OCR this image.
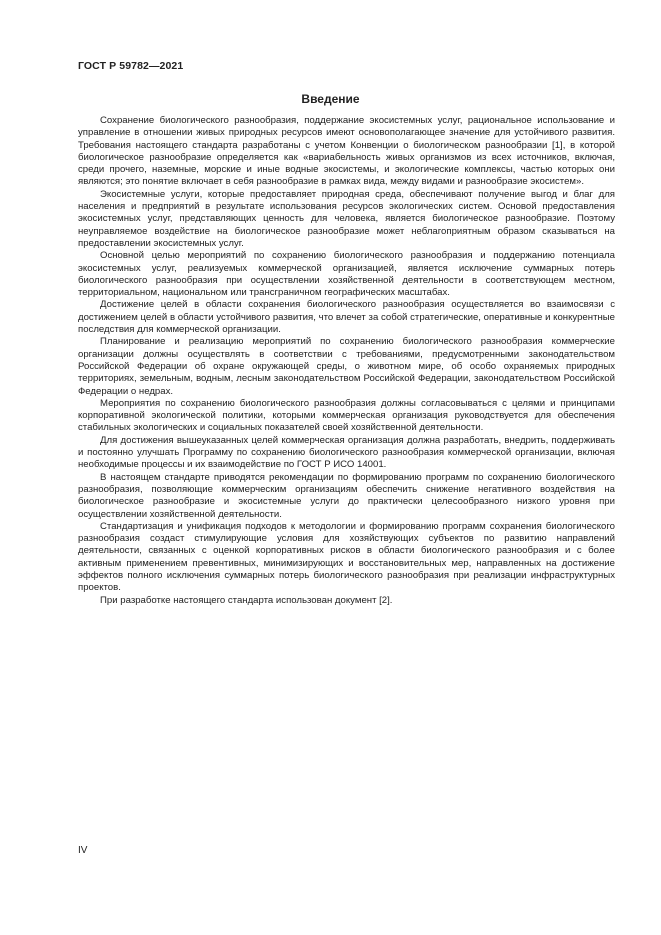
ГОСТ Р 59782—2021
Введение

Сохранение биологического разнообразия, поддержание экосистемных услуг, рациональное использование и управление в отношении живых природных ресурсов имеют основополагающее значение для устойчивого развития. Требования настоящего стандарта разработаны с учетом Конвенции о биологическом разнообразии [1], в которой биологическое разнообразие определяется как «вариабельность живых организмов из всех источников, включая, среди прочего, наземные, морские и иные водные экосистемы, и экологические комплексы, частью которых они являются; это понятие включает в себя разнообразие в рамках вида, между видами и разнообразие экосистем».

Экосистемные услуги, которые предоставляет природная среда, обеспечивают получение выгод и благ для населения и предприятий в результате использования ресурсов экологических систем. Основой предоставления экосистемных услуг, представляющих ценность для человека, является биологическое разнообразие. Поэтому неуправляемое воздействие на биологическое разнообразие может неблагоприятным образом сказываться на предоставлении экосистемных услуг.

Основной целью мероприятий по сохранению биологического разнообразия и поддержанию потенциала экосистемных услуг, реализуемых коммерческой организацией, является исключение суммарных потерь биологического разнообразия при осуществлении хозяйственной деятельности в соответствующем местном, территориальном, национальном или трансграничном географических масштабах.

Достижение целей в области сохранения биологического разнообразия осуществляется во взаимосвязи с достижением целей в области устойчивого развития, что влечет за собой стратегические, оперативные и конкурентные последствия для коммерческой организации.

Планирование и реализацию мероприятий по сохранению биологического разнообразия коммерческие организации должны осуществлять в соответствии с требованиями, предусмотренными законодательством Российской Федерации об охране окружающей среды, о животном мире, об особо охраняемых природных территориях, земельным, водным, лесным законодательством Российской Федерации, законодательством Российской Федерации о недрах.

Мероприятия по сохранению биологического разнообразия должны согласовываться с целями и принципами корпоративной экологической политики, которыми коммерческая организация руководствуется для обеспечения стабильных экологических и социальных показателей своей хозяйственной деятельности.

Для достижения вышеуказанных целей коммерческая организация должна разработать, внедрить, поддерживать и постоянно улучшать Программу по сохранению биологического разнообразия коммерческой организации, включая необходимые процессы и их взаимодействие по ГОСТ Р ИСО 14001.

В настоящем стандарте приводятся рекомендации по формированию программ по сохранению биологического разнообразия, позволяющие коммерческим организациям обеспечить снижение негативного воздействия на биологическое разнообразие и экосистемные услуги до практически целесообразного низкого уровня при осуществлении хозяйственной деятельности.

Стандартизация и унификация подходов к методологии и формированию программ сохранения биологического разнообразия создаст стимулирующие условия для хозяйствующих субъектов по развитию направлений деятельности, связанных с оценкой корпоративных рисков в области биологического разнообразия и с более активным применением превентивных, минимизирующих и восстановительных мер, направленных на достижение эффектов полного исключения суммарных потерь биологического разнообразия при реализации инфраструктурных проектов.

При разработке настоящего стандарта использован документ [2].

IV
